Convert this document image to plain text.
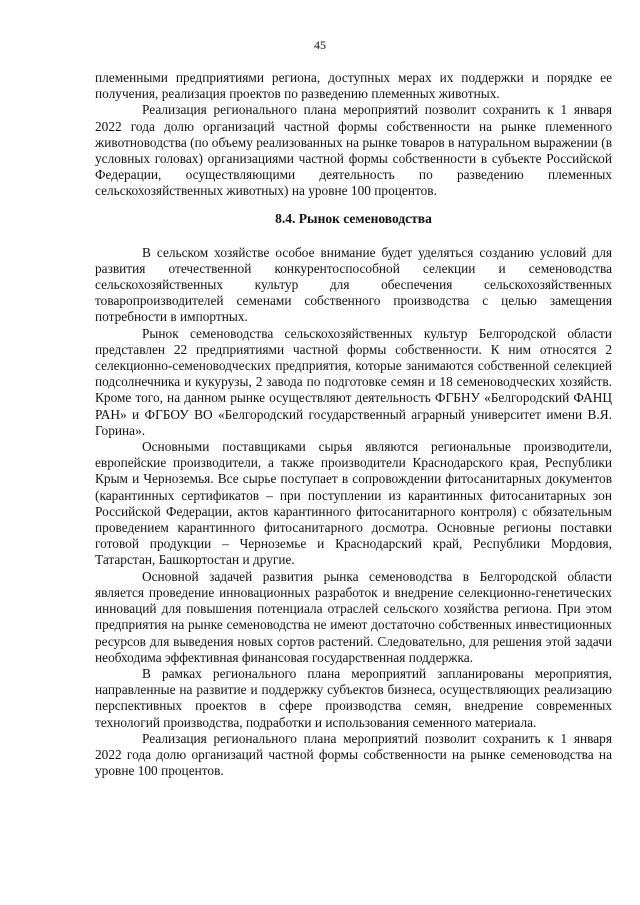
45

племенными предприятиями региона, доступных мерах их поддержки и порядке ее получения, реализация проектов по разведению племенных животных.

Реализация регионального плана мероприятий позволит сохранить к 1 января 2022 года долю организаций частной формы собственности на рынке племенного животноводства (по объему реализованных на рынке товаров в натуральном выражении (в условных головах) организациями частной формы собственности в субъекте Российской Федерации, осуществляющими деятельность по разведению племенных сельскохозяйственных животных) на уровне 100 процентов.

8.4. Рынок семеноводства

В сельском хозяйстве особое внимание будет уделяться созданию условий для развития отечественной конкурентоспособной селекции и семеноводства сельскохозяйственных культур для обеспечения сельскохозяйственных товаропроизводителей семенами собственного производства с целью замещения потребности в импортных.

Рынок семеноводства сельскохозяйственных культур Белгородской области представлен 22 предприятиями частной формы собственности. К ним относятся 2 селекционно-семеноводческих предприятия, которые занимаются собственной селекцией подсолнечника и кукурузы, 2 завода по подготовке семян и 18 семеноводческих хозяйств. Кроме того, на данном рынке осуществляют деятельность ФГБНУ «Белгородский ФАНЦ РАН» и ФГБОУ ВО «Белгородский государственный аграрный университет имени В.Я. Горина».

Основными поставщиками сырья являются региональные производители, европейские производители, а также производители Краснодарского края, Республики Крым и Черноземья. Все сырье поступает в сопровождении фитосанитарных документов (карантинных сертификатов – при поступлении из карантинных фитосанитарных зон Российской Федерации, актов карантинного фитосанитарного контроля) с обязательным проведением карантинного фитосанитарного досмотра. Основные регионы поставки готовой продукции – Черноземье и Краснодарский край, Республики Мордовия, Татарстан, Башкортостан и другие.

Основной задачей развития рынка семеноводства в Белгородской области является проведение инновационных разработок и внедрение селекционно-генетических инноваций для повышения потенциала отраслей сельского хозяйства региона. При этом предприятия на рынке семеноводства не имеют достаточно собственных инвестиционных ресурсов для выведения новых сортов растений. Следовательно, для решения этой задачи необходима эффективная финансовая государственная поддержка.

В рамках регионального плана мероприятий запланированы мероприятия, направленные на развитие и поддержку субъектов бизнеса, осуществляющих реализацию перспективных проектов в сфере производства семян, внедрение современных технологий производства, подработки и использования семенного материала.

Реализация регионального плана мероприятий позволит сохранить к 1 января 2022 года долю организаций частной формы собственности на рынке семеноводства на уровне 100 процентов.
